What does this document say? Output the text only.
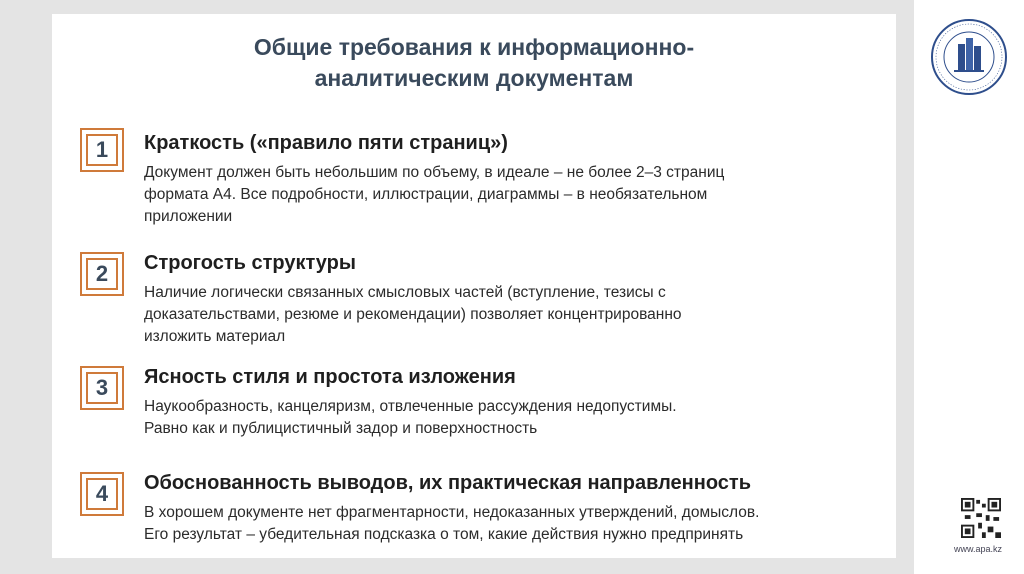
Общие требования к информационно-
аналитическим документам
1	Краткость («правило пяти страниц»)
Документ должен быть небольшим по объему, в идеале – не более 2–3 страниц
формата А4. Все подробности, иллюстрации, диаграммы – в необязательном
приложении
2	Строгость структуры
Наличие логически связанных смысловых частей (вступление, тезисы с
доказательствами, резюме и рекомендации) позволяет концентрированно
изложить материал
3	Ясность стиля и простота изложения
Наукообразность, канцеляризм, отвлеченные рассуждения недопустимы.
Равно как и публицистичный задор и поверхностность
4	Обоснованность выводов, их практическая направленность
В хорошем документе нет фрагментарности, недоказанных утверждений, домыслов.
Его результат – убедительная подсказка о том, какие действия нужно предпринять
www.apa.kz
